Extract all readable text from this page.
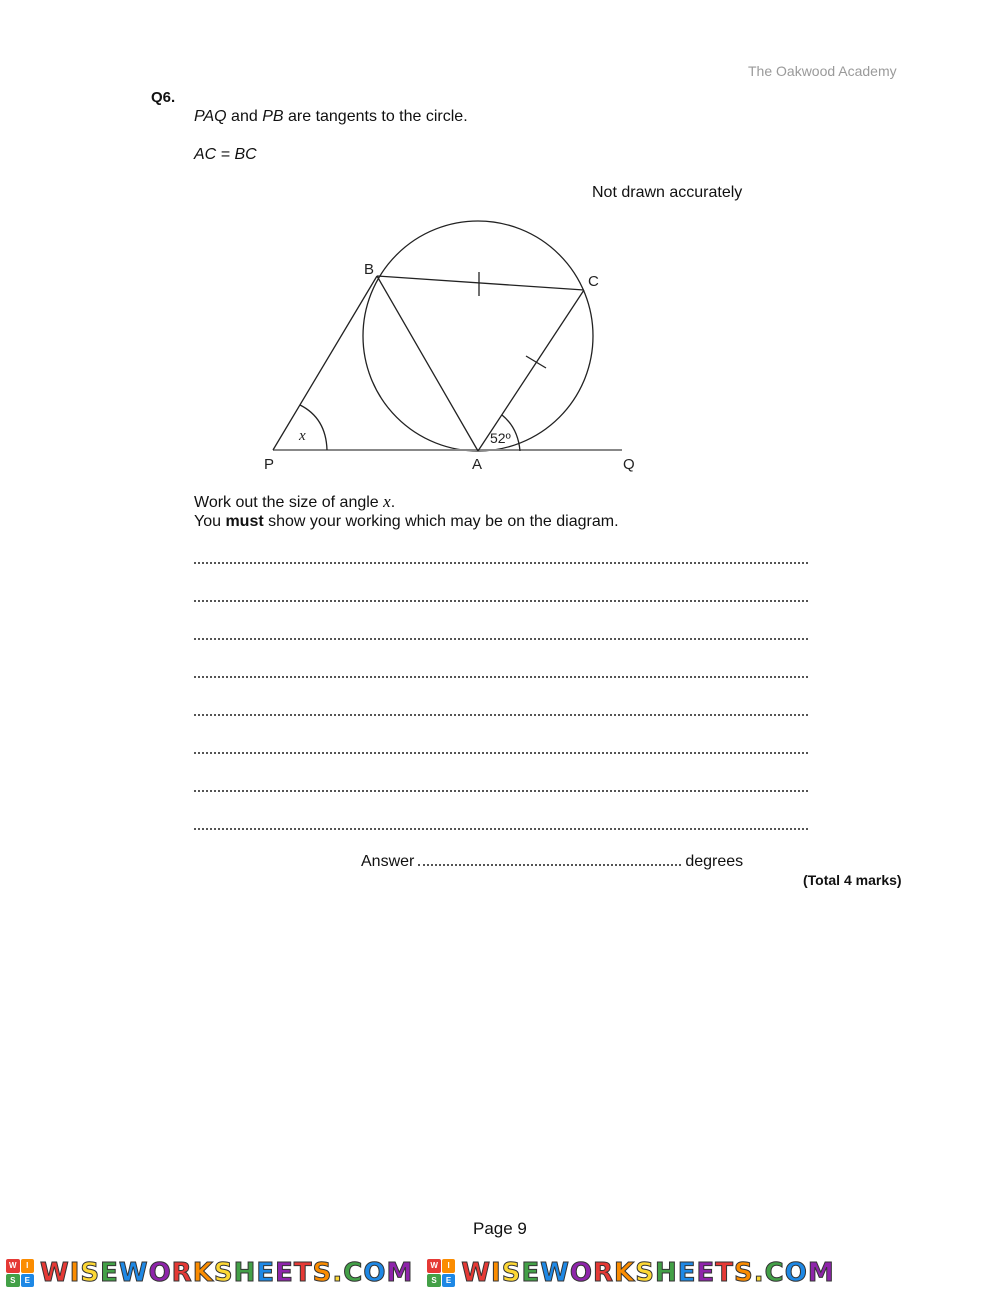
The Oakwood Academy
Q6.
PAQ and PB are tangents to the circle.
AC = BC
Not drawn accurately
B
C
P	A	Q
52º
x
Work out the size of angle x.
You must show your working which may be on the diagram.
Answer	degrees
(Total 4 marks)
Page 9
W	I
S	E W I S E W O R K S H E E T S . C O M	W	I
S	E W I S E W O R K S H E E T S . C O M
